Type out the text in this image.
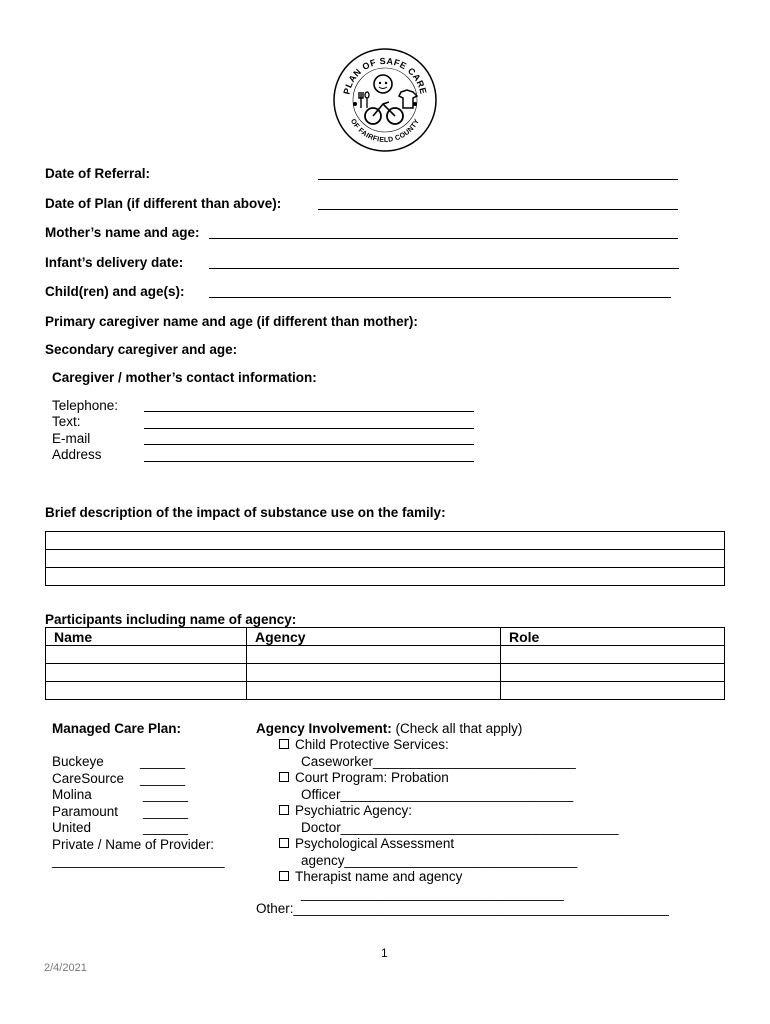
PLAN OF SAFE CARE
OF FAIRFIELD COUNTY
Date of Referral:
Date of Plan (if different than above):
Mother’s name and age:
Infant’s delivery date:
Child(ren) and age(s):
Primary caregiver name and age (if different than mother):
Secondary caregiver and age:
Caregiver / mother’s contact information:
Telephone:
Text:
E-mail
Address
Brief description of the impact of substance use on the family:

Participants including name of agency:
Name	Agency	Role

Managed Care Plan:
Buckeye	______
CareSource ______
Molina	______
Paramount ______
United	______
Private / Name of Provider:
_______________________
Agency Involvement: (Check all that apply)
Child Protective Services:
Caseworker___________________________
Court Program: Probation
Officer_______________________________
Psychiatric Agency:
Doctor_____________________________________
Psychological Assessment
agency_______________________________
Therapist name and agency
___________________________________
Other:__________________________________________________
1
2/4/2021
